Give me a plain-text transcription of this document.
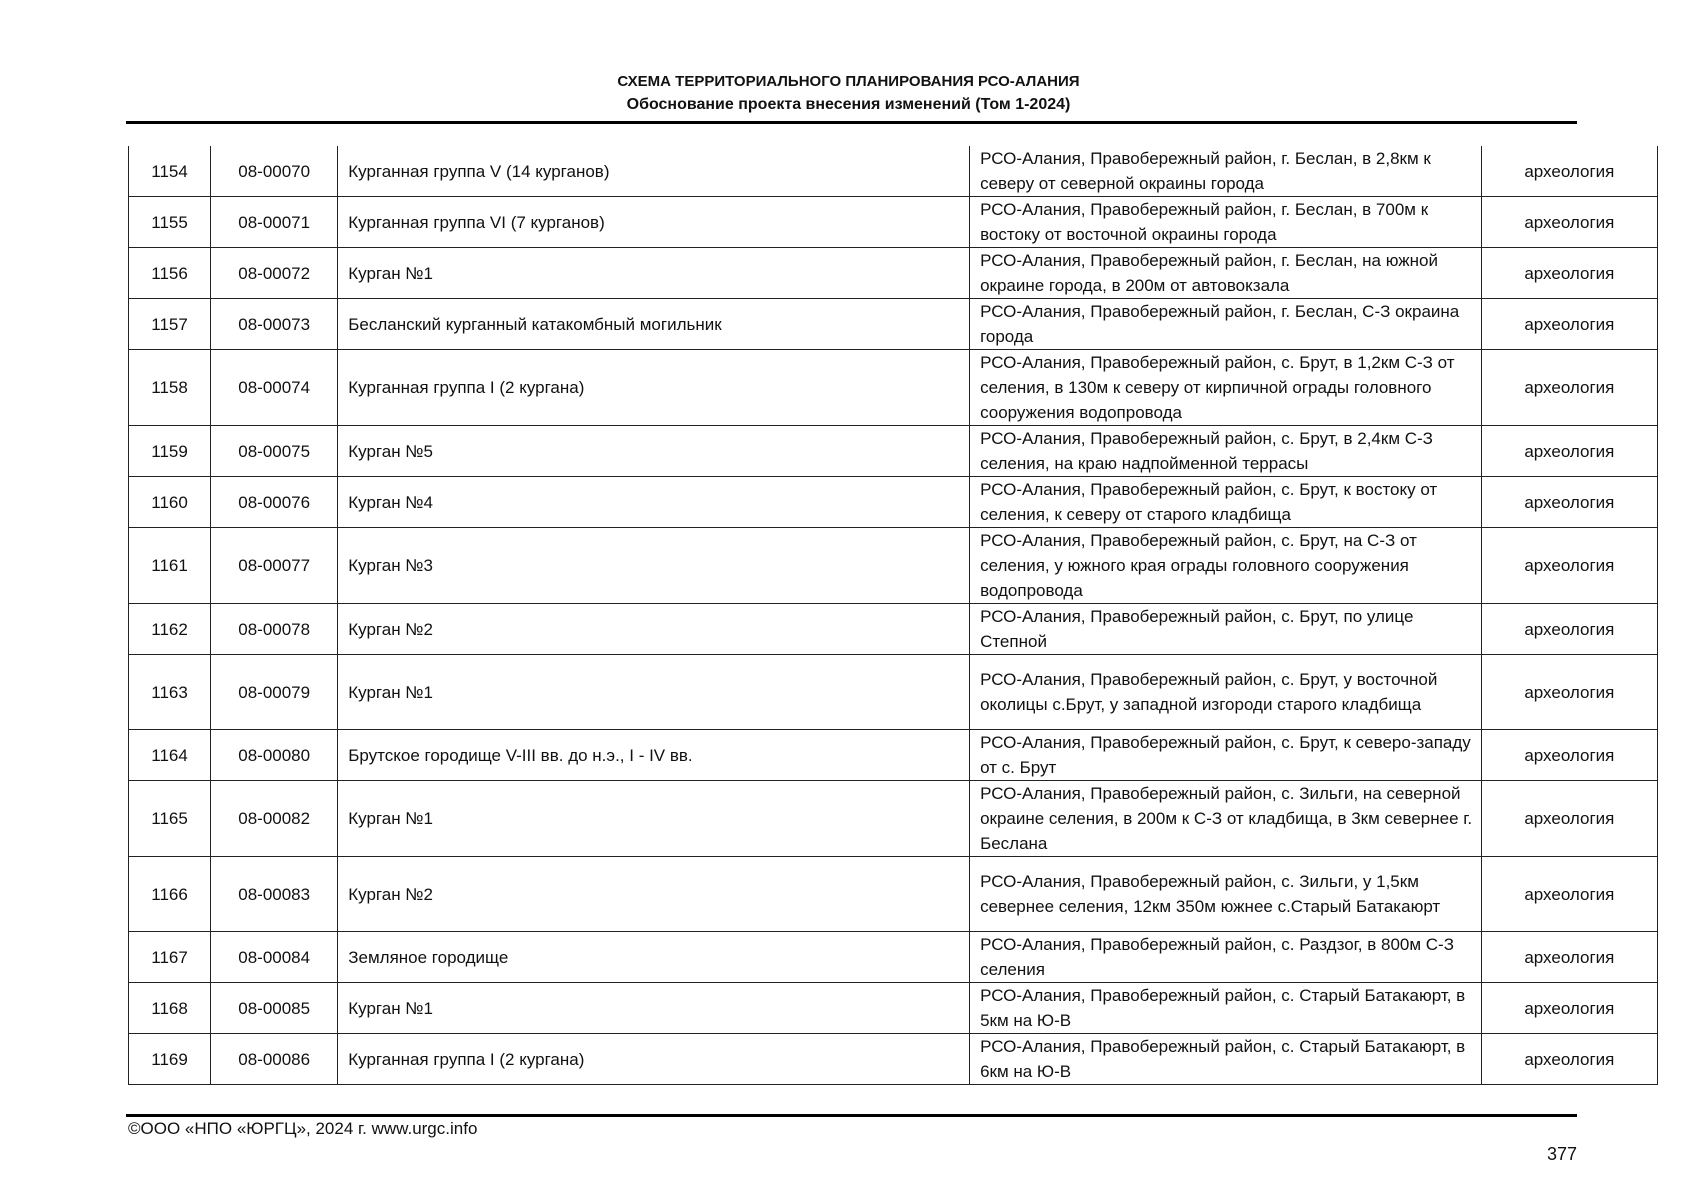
СХЕМА ТЕРРИТОРИАЛЬНОГО ПЛАНИРОВАНИЯ РСО-АЛАНИЯ
Обоснование проекта внесения изменений (Том 1-2024)
1154	08-00070	Курганная группа V (14 курганов)	РСО-Алания, Правобережный район, г. Беслан, в 2,8км к северу от северной окраины города	археология
1155	08-00071	Курганная группа VI (7 курганов)	РСО-Алания, Правобережный район, г. Беслан, в 700м к востоку от восточной окраины города	археология
1156	08-00072	Курган №1	РСО-Алания, Правобережный район, г. Беслан, на южной окраине города, в 200м от автовокзала	археология
1157	08-00073	Бесланский курганный катакомбный могильник	РСО-Алания, Правобережный район, г. Беслан, С-З окраина города	археология
1158	08-00074	Курганная группа I (2 кургана)	РСО-Алания, Правобережный район, с. Брут, в 1,2км С-З от селения, в 130м к северу от кирпичной ограды головного сооружения водопровода	археология
1159	08-00075	Курган №5	РСО-Алания, Правобережный район, с. Брут, в 2,4км С-З селения, на краю надпойменной террасы	археология
1160	08-00076	Курган №4	РСО-Алания, Правобережный район, с. Брут, к востоку от селения, к северу от старого кладбища	археология
1161	08-00077	Курган №3	РСО-Алания, Правобережный район, с. Брут, на С-З от селения, у южного края ограды головного сооружения водопровода	археология
1162	08-00078	Курган №2	РСО-Алания, Правобережный район, с. Брут, по улице Степной	археология
1163	08-00079	Курган №1	РСО-Алания, Правобережный район, с. Брут, у восточной околицы с.Брут, у западной изгороди старого кладбища	археология
1164	08-00080	Брутское городище V-III вв. до н.э., I - IV вв.	РСО-Алания, Правобережный район, с. Брут, к северо-западу от с. Брут	археология
1165	08-00082	Курган №1	РСО-Алания, Правобережный район, с. Зильги, на северной окраине селения, в 200м к С-З от кладбища, в 3км севернее г. Беслана	археология
1166	08-00083	Курган №2	РСО-Алания, Правобережный район, с. Зильги, у 1,5км севернее селения, 12км 350м южнее с.Старый Батакаюрт	археология
1167	08-00084	Земляное городище	РСО-Алания, Правобережный район, с. Раздзог, в 800м С-З селения	археология
1168	08-00085	Курган №1	РСО-Алания, Правобережный район, с. Старый Батакаюрт, в 5км на Ю-В	археология
1169	08-00086	Курганная группа I (2 кургана)	РСО-Алания, Правобережный район, с. Старый Батакаюрт, в 6км на Ю-В	археология
©ООО «НПО «ЮРГЦ», 2024 г. www.urgc.info
377
